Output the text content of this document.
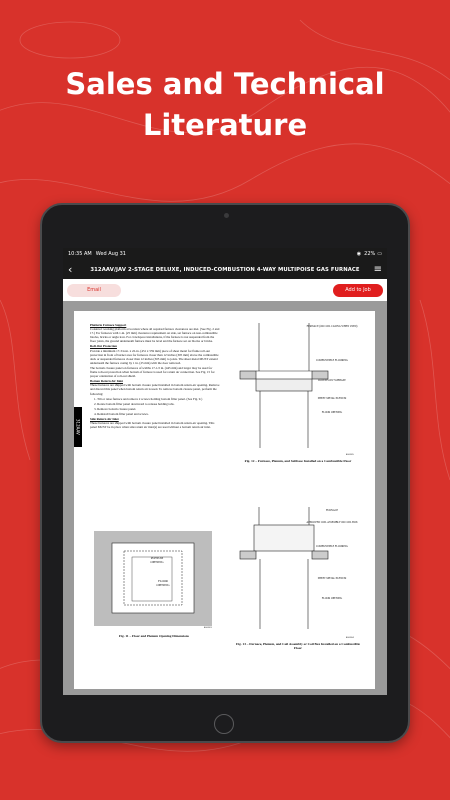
Sales and Technical
Literature
10:35 AM Wed Aug 31	◉ 22% ▭
‹	312AAV/JAV 2-STAGE DELUXE, INDUCED-COMBUSTION 4-WAY MULTIPOISE GAS FURNACE	≡
Email	Add to Job
312AAV
Platform Furnace Support

Construct working platform at location where all required furnace clearances are met. (See Fig. 2 and 17.) For furnaces with 1-in. (25 mm) clearance requirement on side, set furnace on non-combustible blocks, bricks or angle iron. For crawlspace installations, if the furnace is not suspended from the floor joists, the ground underneath furnace must be level and the furnace set on blocks or bricks.

Roll-Out Protection

Provide a minimum 17-3/4-in. x 22-in. (451 x 559 mm) piece of sheet metal for flame roll-out protection in front of burner area for furnaces closer than 12 inches (305 mm) above the combustible deck or suspended furnaces closer than 12 inches (305 mm) to joists. The sheet metal MUST extend underneath the furnace casing by 1 in. (25 mm) with the door removed.

The bottom closure panel on furnaces of widths 17-1/2 in. (445 mm) and larger may be used for flame roll-out protection when bottom of furnace is used for return air connection. See Fig. 15 for proper orientation of roll-out shield.

Bottom Return Air Inlet

These furnaces are shipped with bottom closure panel installed in bottom return-air opening. Remove and discard this panel when bottom return air is used. To remove bottom closure panel, perform the following:

1. Tilt or raise furnace and remove 2 screws holding bottom filler panel. (See Fig. 9.)

2. Rotate bottom filler panel downward to release holding tabs.

3. Remove bottom closure panel.

4. Reinstall bottom filler panel and screws.

Side Return Air Inlet

These furnaces are shipped with bottom closure panel installed in bottom return-air opening. This panel MUST be in place when side return air inlet(s) are used without a bottom return air inlet.

PLENUM
OPENING
FLOOR
OPENING
A96283
Fig. 11 – Floor and Plenum Opening Dimensions
FURNACE (OR COIL CASING WHEN USED)
COMBUSTIBLE FLOORING
DOWNFLOW SUBBASE
SHEET METAL PLENUM
FLOOR OPENING
A96285
Fig. 12 – Furnace, Plenum, and Subbase Installed on a Combustible Floor
FURNACE
APPROVED COIL ASSEMBLY OR COIL BOX
COMBUSTIBLE FLOORING
SHEET METAL PLENUM
FLOOR OPENING
A96284
Fig. 13 – Furnace, Plenum, and Coil Assembly or Coil Box Installed on a Combustible Floor
